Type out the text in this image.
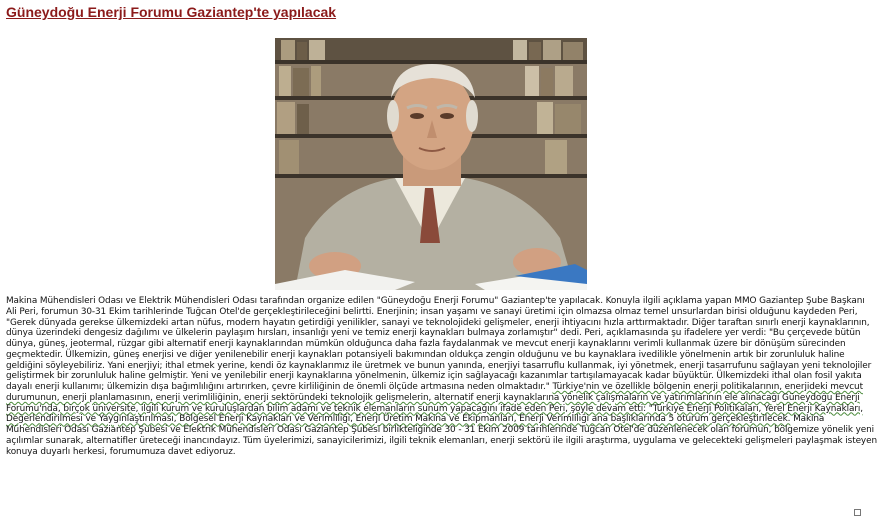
Güneydoğu Enerji Forumu Gaziantep'te yapılacak

Makina Mühendisleri Odası ve Elektrik Mühendisleri Odası tarafından organize edilen "Güneydoğu Enerji Forumu" Gaziantep'te yapılacak. Konuyla ilgili açıklama yapan MMO Gaziantep Şube Başkanı Ali Peri, forumun 30-31 Ekim tarihlerinde Tuğcan Otel'de gerçekleştirileceğini belirtti. Enerjinin; insan yaşamı ve sanayi üretimi için olmazsa olmaz temel unsurlardan birisi olduğunu kaydeden Peri, "Gerek dünyada gerekse ülkemizdeki artan nüfus, modern hayatın getirdiği yenilikler, sanayi ve teknolojideki gelişmeler, enerji ihtiyacını hızla arttırmaktadır. Diğer taraftan sınırlı enerji kaynaklarının, dünya üzerindeki dengesiz dağılımı ve ülkelerin paylaşım hırsları, insanlığı yeni ve temiz enerji kaynakları bulmaya zorlamıştır" dedi. Peri, açıklamasında şu ifadelere yer verdi: "Bu çerçevede bütün dünya, güneş, jeotermal, rüzgar gibi alternatif enerji kaynaklarından mümkün olduğunca daha fazla faydalanmak ve mevcut enerji kaynaklarını verimli kullanmak üzere bir dönüşüm sürecinden geçmektedir. Ülkemizin, güneş enerjisi ve diğer yenilenebilir enerji kaynakları potansiyeli bakımından oldukça zengin olduğunu ve bu kaynaklara ivedilikle yönelmenin artık bir zorunluluk haline geldiğini söyleyebiliriz. Yani enerjiyi; ithal etmek yerine, kendi öz kaynaklarımız ile üretmek ve bunun yanında, enerjiyi tasarruflu kullanmak, iyi yönetmek, enerji tasarrufunu sağlayan yeni teknolojiler geliştirmek bir zorunluluk haline gelmiştir. Yeni ve yenilebilir enerji kaynaklarına yönelmenin, ülkemiz için sağlayacağı kazanımlar tartışılamayacak kadar büyüktür. Ülkemizdeki ithal olan fosil yakıta dayalı enerji kullanımı; ülkemizin dışa bağımlılığını artırırken, çevre kirliliğinin de önemli ölçüde artmasına neden olmaktadır." Türkiye'nin ve özellikle bölgenin enerji politikalarının, enerjideki mevcut durumunun, enerji planlamasının, enerji verimliliğinin, enerji sektöründeki teknolojik gelişmelerin, alternatif enerji kaynaklarına yönelik çalışmaların ve yatırımlarının ele alınacağı Güneydoğu Enerji Forumu'nda, birçok üniversite, ilgili kurum ve kuruluşlardan bilim adamı ve teknik elemanların sunum yapacağını ifade eden Peri, şöyle devam etti: "Türkiye Enerji Politikaları, Yerel Enerji Kaynakları, Değerlendirilmesi ve Yaygınlaştırılması, Bölgesel Enerji Kaynakları ve Verimliliği, Enerji Üretim Makina ve Ekipmanları, Enerji Verimliliği ana başlıklarında 5 oturum gerçekleştirilecek. Makina Mühendisleri Odası Gaziantep Şubesi ve Elektrik Mühendisleri Odası Gaziantep Şubesi birlikteliğinde 30 - 31 Ekim 2009 tarihlerinde Tuğcan Otel'de düzenlenecek olan forumun, bölgemize yönelik yeni açılımlar sunarak, alternatifler üreteceği inancındayız. Tüm üyelerimizi, sanayicilerimizi, ilgili teknik elemanları, enerji sektörü ile ilgili araştırma, uygulama ve gelecekteki gelişmeleri paylaşmak isteyen konuya duyarlı herkesi, forumumuza davet ediyoruz.
